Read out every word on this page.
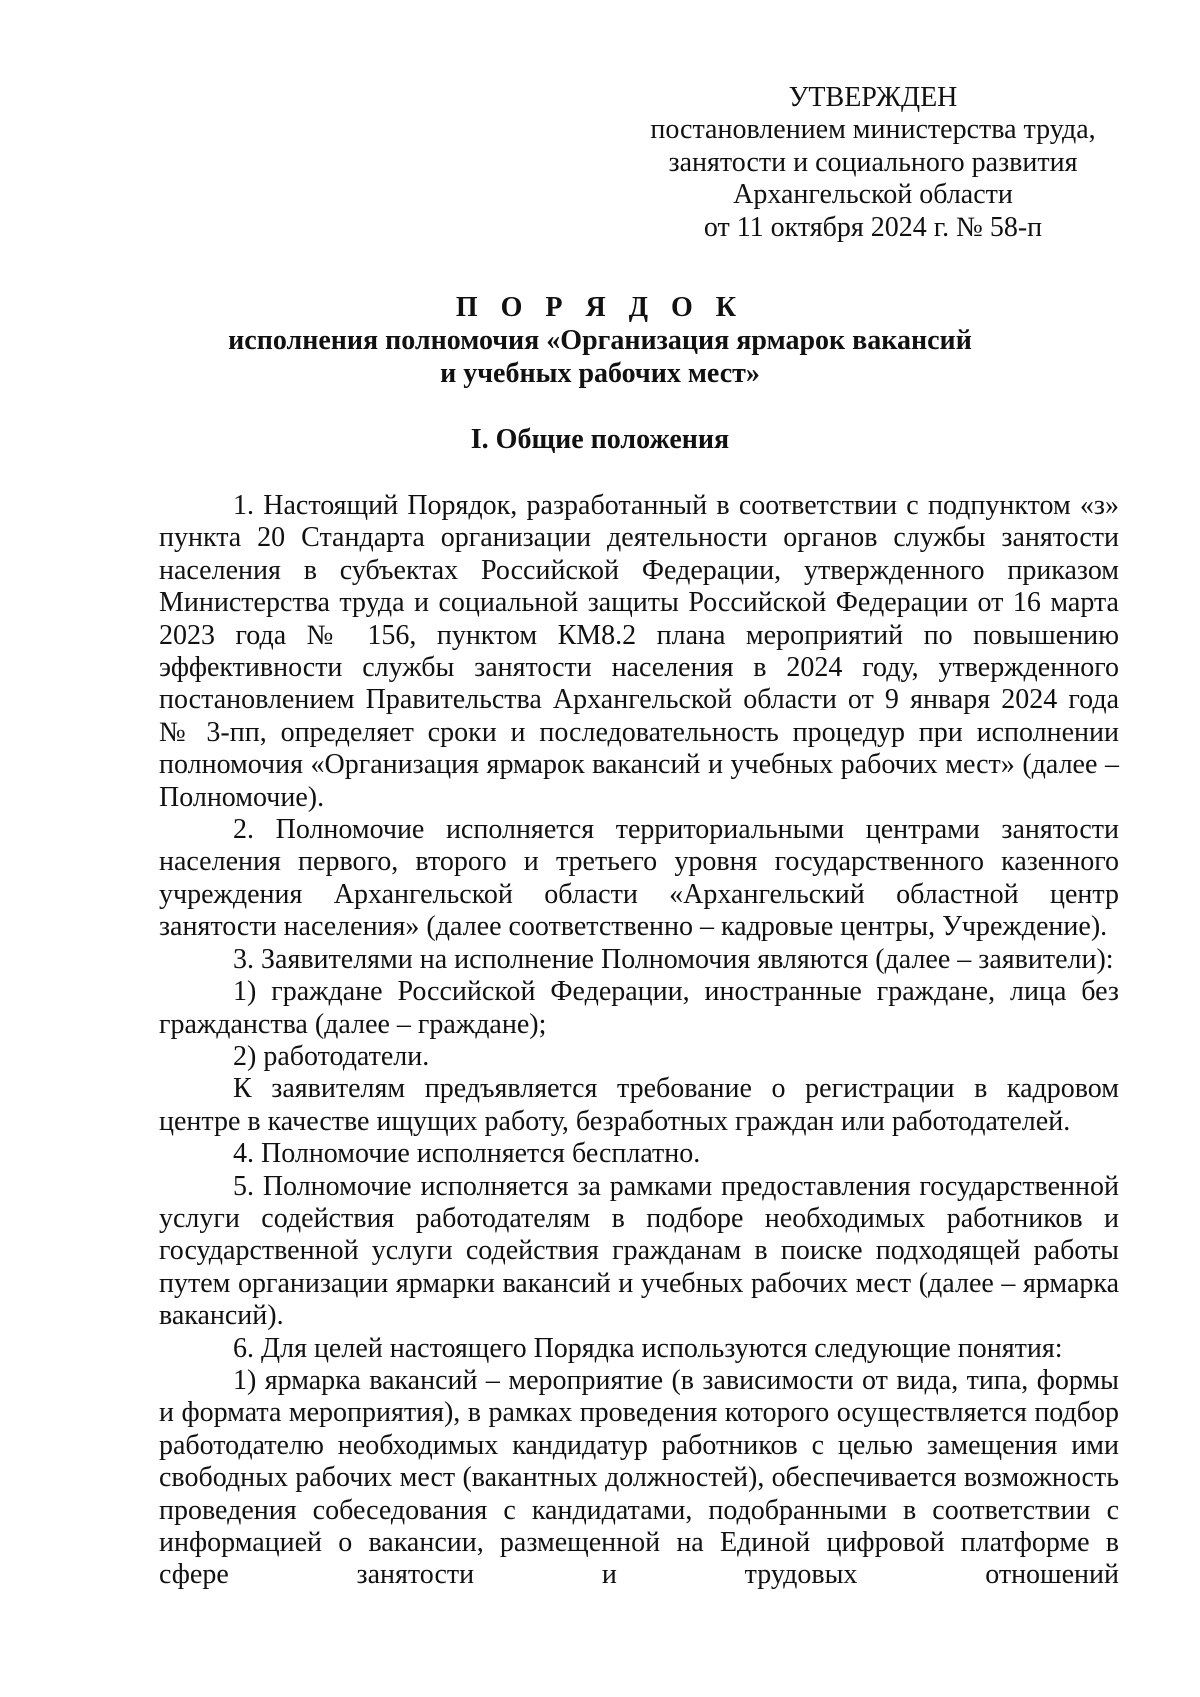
УТВЕРЖДЕН
постановлением министерства труда,
занятости и социального развития
Архангельской области
от 11 октября 2024 г. № 58-п
П О Р Я Д О К
исполнения полномочия «Организация ярмарок вакансий
и учебных рабочих мест»
I. Общие положения

1. Настоящий Порядок, разработанный в соответствии с подпунктом «з» пункта 20 Стандарта организации деятельности органов службы занятости населения в субъектах Российской Федерации, утвержденного приказом Министерства труда и социальной защиты Российской Федерации от 16 марта 2023 года № 156, пунктом КМ8.2 плана мероприятий по повышению эффективности службы занятости населения в 2024 году, утвержденного постановлением Правительства Архангельской области от 9 января 2024 года № 3-пп, определяет сроки и последовательность процедур при исполнении полномочия «Организация ярмарок вакансий и учебных рабочих мест» (далее – Полномочие).

2. Полномочие исполняется территориальными центрами занятости населения первого, второго и третьего уровня государственного казенного учреждения Архангельской области «Архангельский областной центр занятости населения» (далее соответственно – кадровые центры, Учреждение).

3. Заявителями на исполнение Полномочия являются (далее – заявители):

1) граждане Российской Федерации, иностранные граждане, лица без гражданства (далее – граждане);

2) работодатели.

К заявителям предъявляется требование о регистрации в кадровом центре в качестве ищущих работу, безработных граждан или работодателей.

4. Полномочие исполняется бесплатно.

5. Полномочие исполняется за рамками предоставления государственной услуги содействия работодателям в подборе необходимых работников и государственной услуги содействия гражданам в поиске подходящей работы путем организации ярмарки вакансий и учебных рабочих мест (далее – ярмарка вакансий).

6. Для целей настоящего Порядка используются следующие понятия:

1) ярмарка вакансий – мероприятие (в зависимости от вида, типа, формы и формата мероприятия), в рамках проведения которого осуществляется подбор работодателю необходимых кандидатур работников с целью замещения ими свободных рабочих мест (вакантных должностей), обеспечивается возможность проведения собеседования с кандидатами, подобранными в соответствии с информацией о вакансии, размещенной на Единой цифровой платформе в сфере занятости и трудовых отношений
